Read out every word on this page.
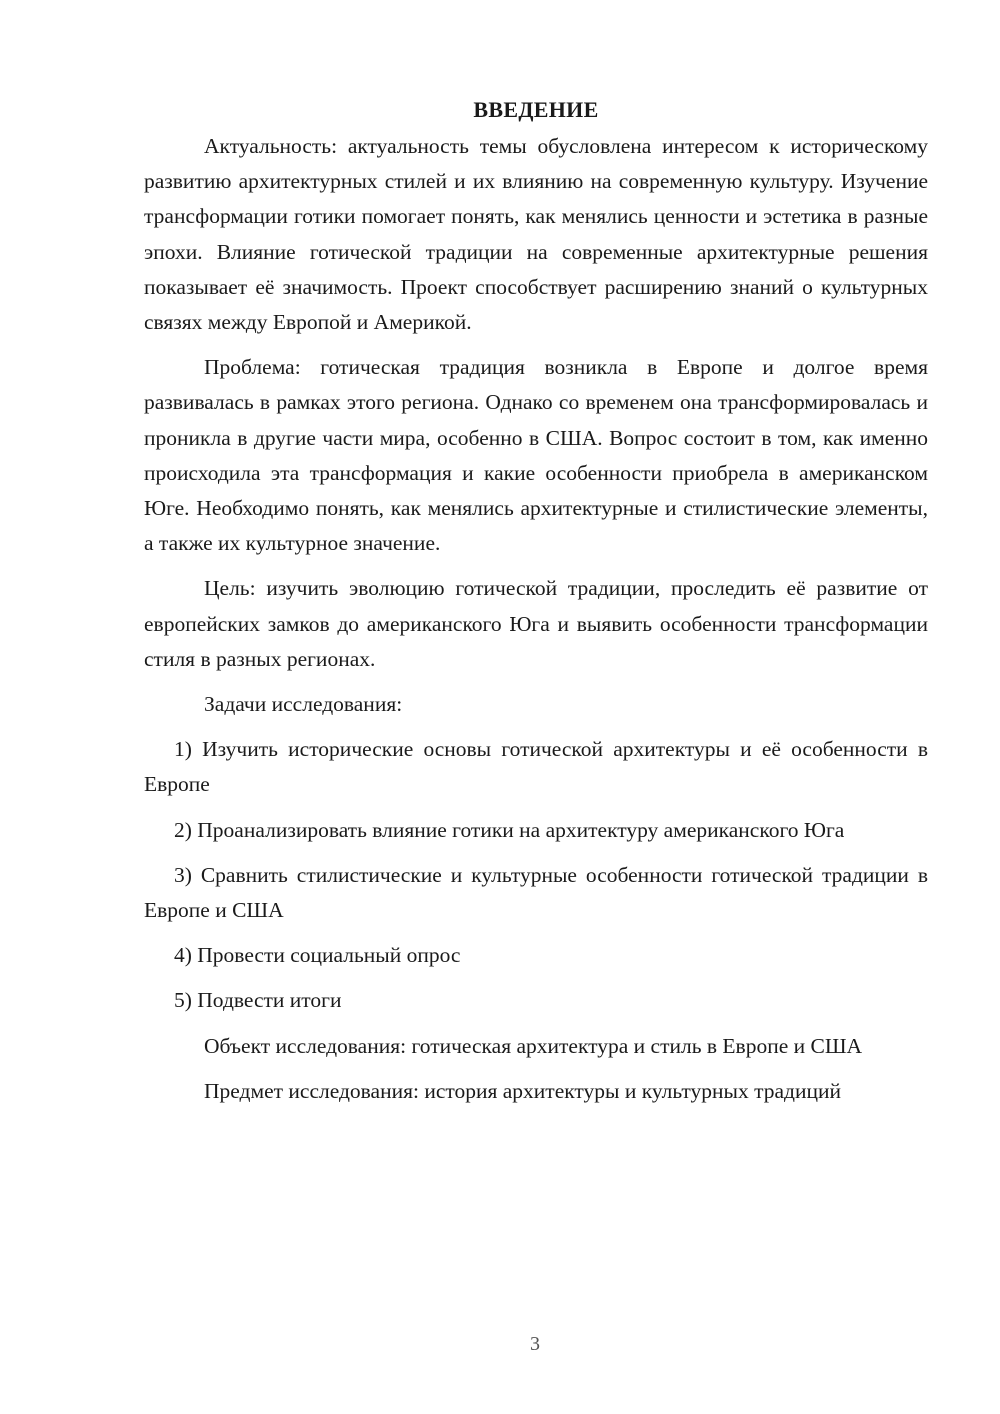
ВВЕДЕНИЕ

Актуальность: актуальность темы обусловлена интересом к историческому развитию архитектурных стилей и их влиянию на современную культуру. Изучение трансформации готики помогает понять, как менялись ценности и эстетика в разные эпохи. Влияние готической традиции на современные архитектурные решения показывает её значимость. Проект способствует расширению знаний о культурных связях между Европой и Америкой.

Проблема: готическая традиция возникла в Европе и долгое время развивалась в рамках этого региона. Однако со временем она трансформировалась и проникла в другие части мира, особенно в США. Вопрос состоит в том, как именно происходила эта трансформация и какие особенности приобрела в американском Юге. Необходимо понять, как менялись архитектурные и стилистические элементы, а также их культурное значение.

Цель: изучить эволюцию готической традиции, проследить её развитие от европейских замков до американского Юга и выявить особенности трансформации стиля в разных регионах.

Задачи исследования:

1) Изучить исторические основы готической архитектуры и её особенности в Европе

2) Проанализировать влияние готики на архитектуру американского Юга

3) Сравнить стилистические и культурные особенности готической традиции в Европе и США

4) Провести социальный опрос

5) Подвести итоги

Объект исследования: готическая архитектура и стиль в Европе и США

Предмет исследования: история архитектуры и культурных традиций

3
